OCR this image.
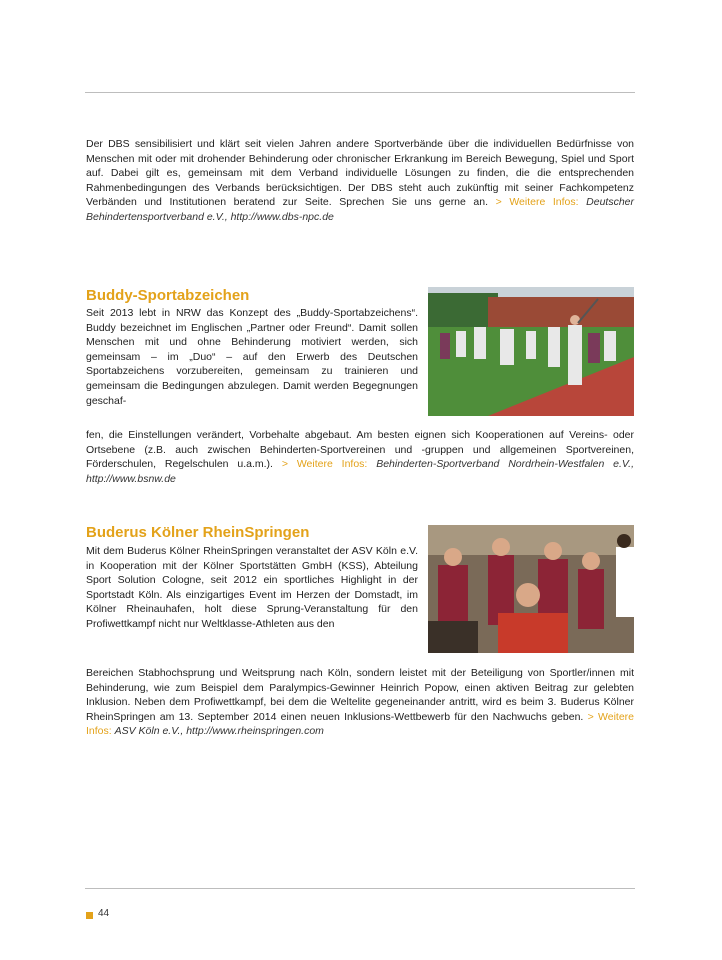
Der DBS sensibilisiert und klärt seit vielen Jahren andere Sportverbände über die individuellen Bedürfnisse von Menschen mit oder mit drohender Behinderung oder chronischer Erkrankung im Bereich Bewegung, Spiel und Sport auf. Dabei gilt es, gemeinsam mit dem Verband individuelle Lösungen zu finden, die die entsprechenden Rahmenbedingungen des Verbands berücksichtigen. Der DBS steht auch zukünftig mit seiner Fachkompetenz Verbänden und Institutionen beratend zur Seite. Sprechen Sie uns gerne an. > Weitere Infos: Deutscher Behindertensportverband e.V., http://www.dbs-npc.de
Buddy-Sportabzeichen
Seit 2013 lebt in NRW das Konzept des „Buddy-Sportabzeichens“. Buddy bezeichnet im Englischen „Partner oder Freund“. Damit sollen Menschen mit und ohne Behinderung motiviert werden, sich gemeinsam – im „Duo“ – auf den Erwerb des Deutschen Sportabzeichens vorzubereiten, gemeinsam zu trainieren und gemeinsam die Bedingungen abzulegen. Damit werden Begegnungen geschaf-
fen, die Einstellungen verändert, Vorbehalte abgebaut. Am besten eignen sich Kooperationen auf Vereins- oder Ortsebene (z.B. auch zwischen Behinderten-Sportvereinen und -gruppen und allgemeinen Sportvereinen, Förderschulen, Regelschulen u.a.m.). > Weitere Infos: Behinderten-Sportverband Nordrhein-Westfalen e.V., http://www.bsnw.de
Buderus Kölner RheinSpringen
Mit dem Buderus Kölner RheinSpringen veranstaltet der ASV Köln e.V. in Kooperation mit der Kölner Sportstätten GmbH (KSS), Abteilung Sport Solution Cologne, seit 2012 ein sportliches Highlight in der Sportstadt Köln. Als einzigartiges Event im Herzen der Domstadt, im Kölner Rheinauhafen, holt diese Sprung-Veranstaltung für den Profiwettkampf nicht nur Weltklasse-Athleten aus den
Bereichen Stabhochsprung und Weitsprung nach Köln, sondern leistet mit der Beteiligung von Sportler/innen mit Behinderung, wie zum Beispiel dem Paralympics-Gewinner Heinrich Popow, einen aktiven Beitrag zur gelebten Inklusion. Neben dem Profiwettkampf, bei dem die Weltelite gegeneinander antritt, wird es beim 3. Buderus Kölner RheinSpringen am 13. September 2014 einen neuen Inklusions-Wettbewerb für den Nachwuchs geben. > Weitere Infos: ASV Köln e.V., http://www.rheinspringen.com
44
